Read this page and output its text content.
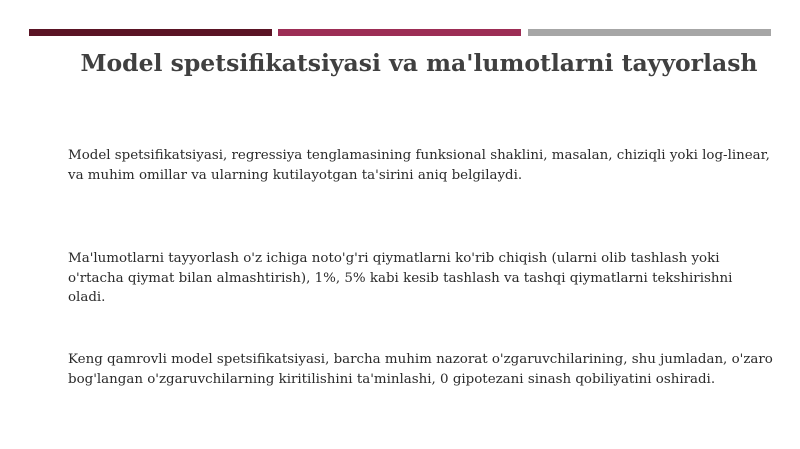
Model spetsifikatsiyasi va ma'lumotlarni tayyorlash
Model spetsifikatsiyasi, regressiya tenglamasining funksional shaklini, masalan, chiziqli yoki log-linear, va muhim omillar va ularning kutilayotgan ta'sirini aniq belgilaydi.
Ma'lumotlarni tayyorlash o'z ichiga noto'g'ri qiymatlarni ko'rib chiqish (ularni olib tashlash yoki o'rtacha qiymat bilan almashtirish), 1%, 5% kabi kesib tashlash va tashqi qiymatlarni tekshirishni oladi.
Keng qamrovli model spetsifikatsiyasi, barcha muhim nazorat o'zgaruvchilarining, shu jumladan, o'zaro bog'langan o'zgaruvchilarning kiritilishini ta'minlashi, 0 gipotezani sinash qobiliyatini oshiradi.
